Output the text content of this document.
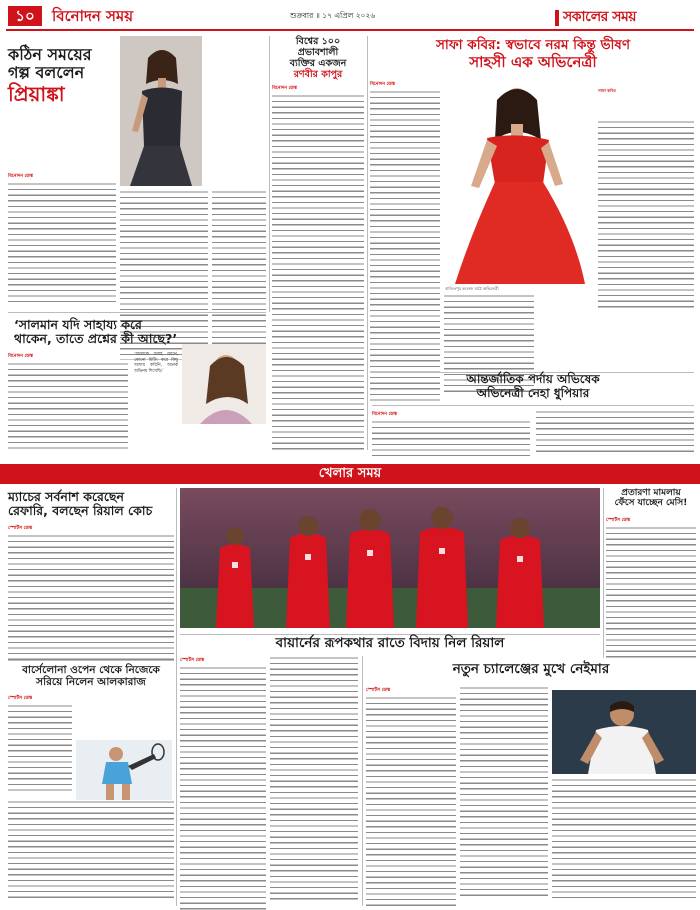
১০	বিনোদন সময়	শুক্রবার ॥ ১৭ এপ্রিল ২০২৬	সকালের সময়
কঠিন সময়ের
গল্প বললেন
প্রিয়াঙ্কা
বিনোদন ডেস্ক
বিশ্বের ১০০
প্রভাবশালী
ব্যক্তির একজন
রণবীর কাপুর
বিনোদন ডেস্ক
সাফা কবির: স্বভাবে নরম কিন্তু ভীষণ
সাহসী এক অভিনেত্রী
বিনোদন ডেস্ক
সাফা কবির
বাজিতপুর কলেজ মাঠে অভিনেত্রী
‘সালমান যদি সাহায্য করে
থাকেন, তাতে প্রশ্নের কী আছে?’
বিনোদন ডেস্ক	‘আমাকে সবাই জানে, কোনো মিটিং করে কিছু আদায় করিনি, অনেক অভিনয় শিখেছি।’
আন্তর্জাতিক পর্দায় অভিষেক
অভিনেত্রী নেহা ধুপিয়ার
বিনোদন ডেস্ক
খেলার সময়
ম্যাচের সর্বনাশ করেছেন
রেফারি, বলছেন রিয়াল কোচ
স্পোর্টস ডেস্ক
বায়ার্নের রূপকথার রাতে বিদায় নিল রিয়াল
প্রতারণা মামলায়
ফেঁসে যাচ্ছেন মেসি!
স্পোর্টস ডেস্ক
বার্সেলোনা ওপেন থেকে নিজেকে
সরিয়ে নিলেন আলকারাজ
স্পোর্টস ডেস্ক
স্পোর্টস ডেস্ক
নতুন চ্যালেঞ্জের মুখে নেইমার
স্পোর্টস ডেস্ক
